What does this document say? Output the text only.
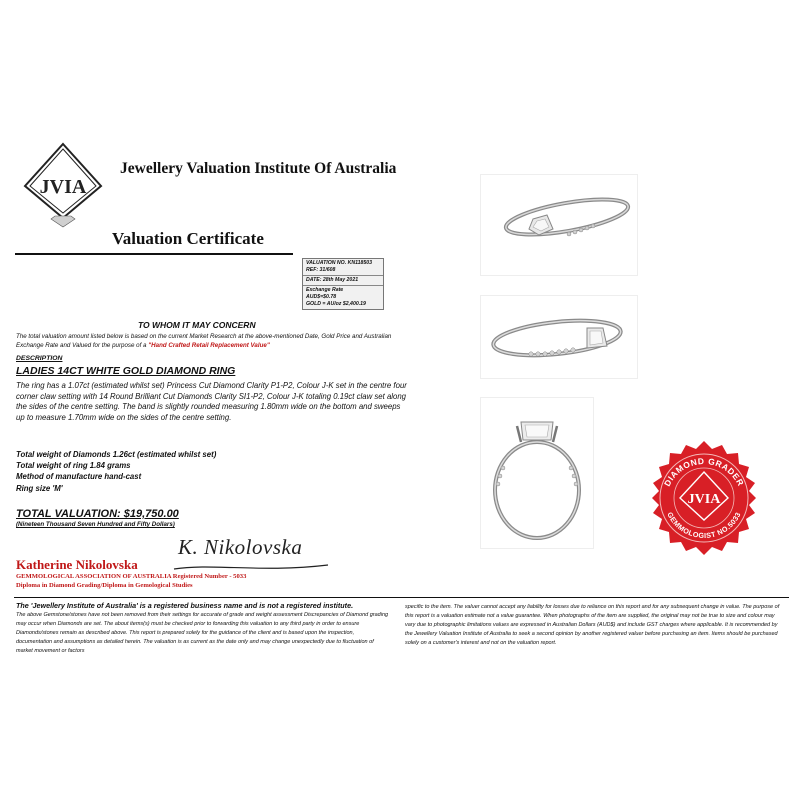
JVIA
Jewellery Valuation Institute Of Australia
Valuation Certificate
VALUATION NO. KN118503
REF: 31/608
DATE: 28th May 2021
Exchange Rate
AUD$=$0.78
GOLD = AU/oz $2,400.19
TO WHOM IT MAY CONCERN
The total valuation amount listed below is based on the current Market Research at the above-mentioned Date, Gold Price and Australian Exchange Rate and Valued for the purpose of a "Hand Crafted Retail Replacement Value"
DESCRIPTION
LADIES 14CT WHITE GOLD DIAMOND RING
The ring has a 1.07ct (estimated whilst set) Princess Cut Diamond Clarity P1-P2, Colour J-K set in the centre four corner claw setting with 14 Round Brilliant Cut Diamonds Clarity SI1-P2, Colour J-K totaling 0.19ct claw set along the sides of the centre setting. The band is slightly rounded measuring 1.80mm wide on the bottom and sweeps up to measure 1.70mm wide on the sides of the centre setting.
Total weight of Diamonds 1.26ct (estimated whilst set)
Total weight of ring 1.84 grams
Method of manufacture hand-cast
Ring size 'M'
TOTAL VALUATION: $19,750.00
(Nineteen Thousand Seven Hundred and Fifty Dollars)
Katherine Nikolovska
K. Nikolovska
GEMMOLOGICAL ASSOCIATION OF AUSTRALIA Registered Number - 5033
Diploma in Diamond Grading/Diploma in Gemological Studies
DIAMOND GRADER
GEMMOLOGIST NO.5033
JVIA
The 'Jewellery Institute of Australia' is a registered business name and is not a registered institute.
The above Gemstone/stones have not been removed from their settings for accurate of grade and weight assessment Discrepancies of Diamond grading may occur when Diamonds are set. The about items(s) must be checked prior to forwarding this valuation to any third party in order to ensure Diamonds/stones remain as described above. This report is prepared solely for the guidance of the client and is based upon the inspection, documentation and assumptions as detailed herein. The valuation is as current as the date only and may change unexpectedly due to fluctuation of market movement or factors
specific to the item. The valuer cannot accept any liability for losses due to reliance on this report and for any subsequent change in value. The purpose of this report is a valuation estimate not a value guarantee. When photographs of the item are supplied, the original may not be true to size and colour may vary due to photographic limitations values are expressed in Australian Dollars (AUD$) and include GST charges where applicable. It is recommended by the Jewellery Valuation Institute of Australia to seek a second opinion by another registered valuer before purchasing an item. Items should be purchased solely on a customer's interest and not on the valuation report.
